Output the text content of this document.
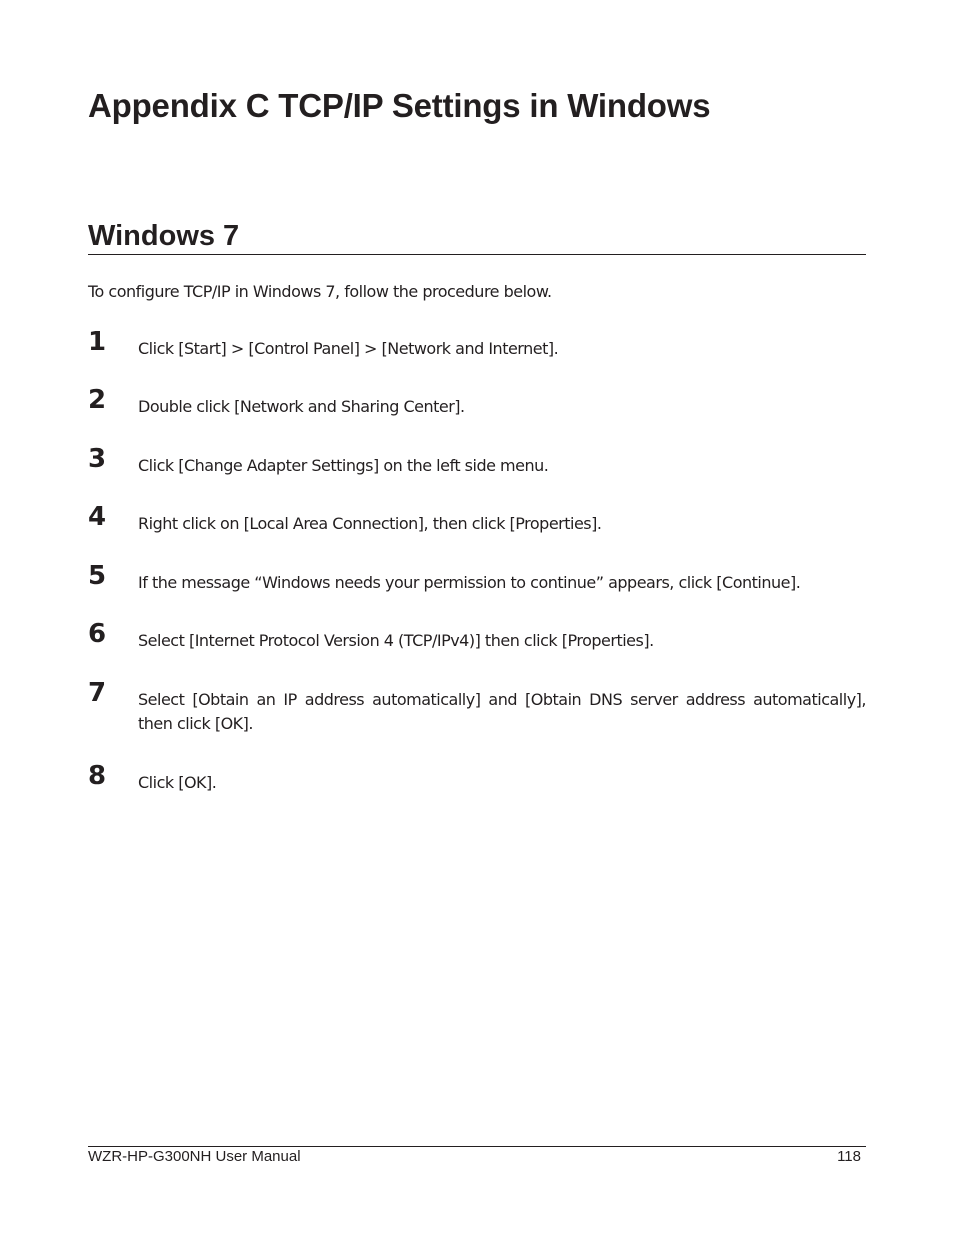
Appendix C TCP/IP Settings in Windows
Windows 7

To configure TCP/IP in Windows 7, follow the procedure below.

1 Click [Start] > [Control Panel] > [Network and Internet].

2 Double click [Network and Sharing Center].

3 Click [Change Adapter Settings] on the left side menu.

4 Right click on [Local Area Connection], then click [Properties].

5 If the message “Windows needs your permission to continue” appears, click [Continue].

6 Select [Internet Protocol Version 4 (TCP/IPv4)] then click [Properties].

7 Select [Obtain an IP address automatically] and [Obtain DNS server address automatically], then click [OK].

8 Click [OK].

WZR-HP-G300NH User Manual	118
